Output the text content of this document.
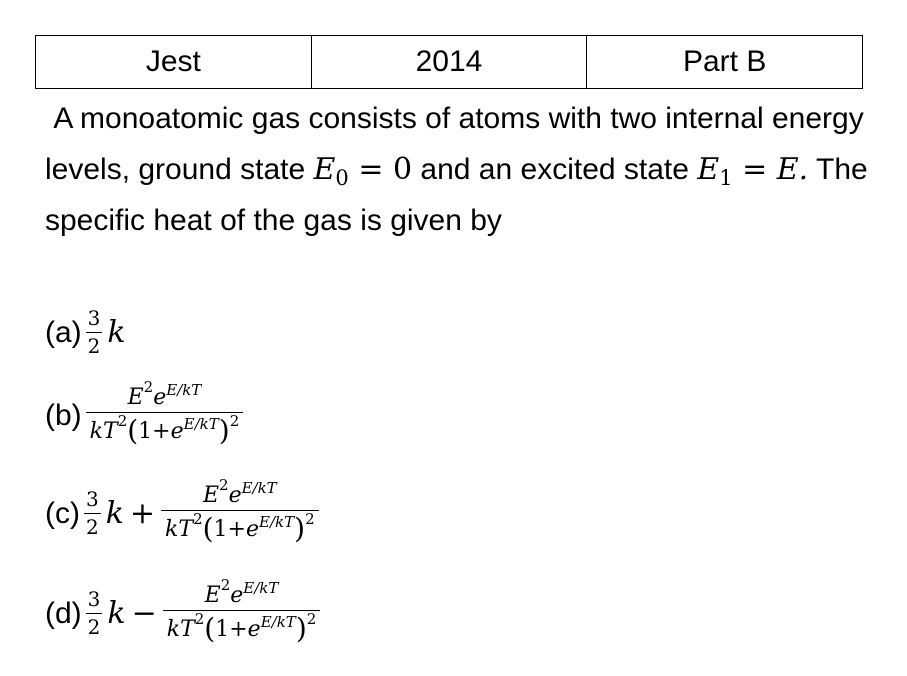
Jest	2014	Part B
A monoatomic gas consists of atoms with two internal energy levels, ground state $E_0 = 0$ and an excited state $E_1 = E$. The specific heat of the gas is given by
$(a) \frac{3}{2}$ k
$(b) \frac{E^2e^{E/kT}}{kT^2(1+e^{E/kT})^2}$
$(c) \frac{3}{2}$ $k + \frac{E^2e^{E/kT}}{kT^2(1+e^{E/kT})^2}$
$(d) \frac{3}{2}$ $k - \frac{E^2e^{E/kT}}{kT^2(1+e^{E/kT})^2}$
